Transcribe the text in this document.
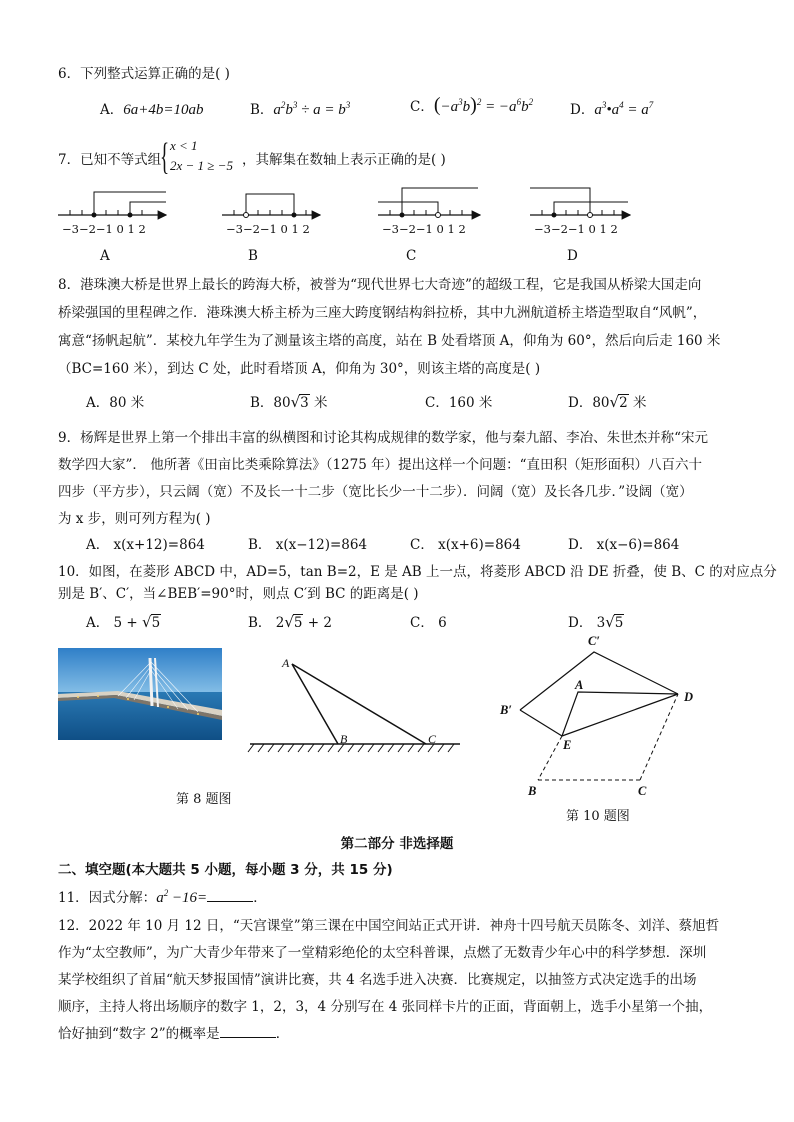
6．下列整式运算正确的是( )
A．6a+4b=10ab	B．$a^2b^3 \div a = b^3$	C．$(-a^3b)^2 = -a^6b^2$	D．$a^3•a^4 = a^7$
7．已知不等式组
{ x < 1
2x − 1 ≥ −5 ，其解集在数轴上表示正确的是( )
−3−2−1 0 1 2	−3−2−1 0 1 2	−3−2−1 0 1 2	−3−2−1 0 1 2
A	B	C	D
8．港珠澳大桥是世界上最长的跨海大桥，被誉为“现代世界七大奇迹”的超级工程，它是我国从桥梁大国走向
桥梁强国的里程碑之作．港珠澳大桥主桥为三座大跨度钢结构斜拉桥，其中九洲航道桥主塔造型取自“风帆”，
寓意“扬帆起航”．某校九年学生为了测量该主塔的高度，站在 B 处看塔顶 A，仰角为 60°，然后向后走 160 米
（BC=160 米），到达 C 处，此时看塔顶 A，仰角为 30°，则该主塔的高度是( )
A．80 米	B．80√3 米	C．160 米	D．80√2 米
9．杨辉是世界上第一个排出丰富的纵横图和讨论其构成规律的数学家，他与秦九韶、李冶、朱世杰并称“宋元
数学四大家”． 他所著《田亩比类乘除算法》（1275 年）提出这样一个问题：“直田积（矩形面积）八百六十
四步（平方步），只云阔（宽）不及长一十二步（宽比长少一十二步）．问阔（宽）及长各几步．”设阔（宽）
为 x 步，则可列方程为( )
A． x(x+12)=864	B． x(x−12)=864	C． x(x+6)=864	D． x(x−6)=864
10．如图，在菱形 ABCD 中，AD=5，tan B=2，E 是 AB 上一点，将菱形 ABCD 沿 DE 折叠，使 B、C 的对应点分
别是 B′、C′，当∠BEB′=90°时，则点 C′到 BC 的距离是( )
A． 5 + √5	B． 2√5 + 2	C． 6	D． 3√5
第 8 题图
A
B	C
C′
A
D
B′
E
B	C
第 10 题图
第二部分 非选择题
二、填空题(本大题共 5 小题，每小题 3 分，共 15 分)
11．因式分解：$a^2 -16=$	．
12．2022 年 10 月 12 日，“天宫课堂”第三课在中国空间站正式开讲．神舟十四号航天员陈冬、刘洋、蔡旭哲
作为“太空教师”，为广大青少年带来了一堂精彩绝伦的太空科普课，点燃了无数青少年心中的科学梦想．深圳
某学校组织了首届“航天梦报国情”演讲比赛，共 4 名选手进入决赛．比赛规定，以抽签方式决定选手的出场
顺序，主持人将出场顺序的数字 1，2，3，4 分别写在 4 张同样卡片的正面，背面朝上，选手小星第一个抽，
恰好抽到“数字 2”的概率是	．
